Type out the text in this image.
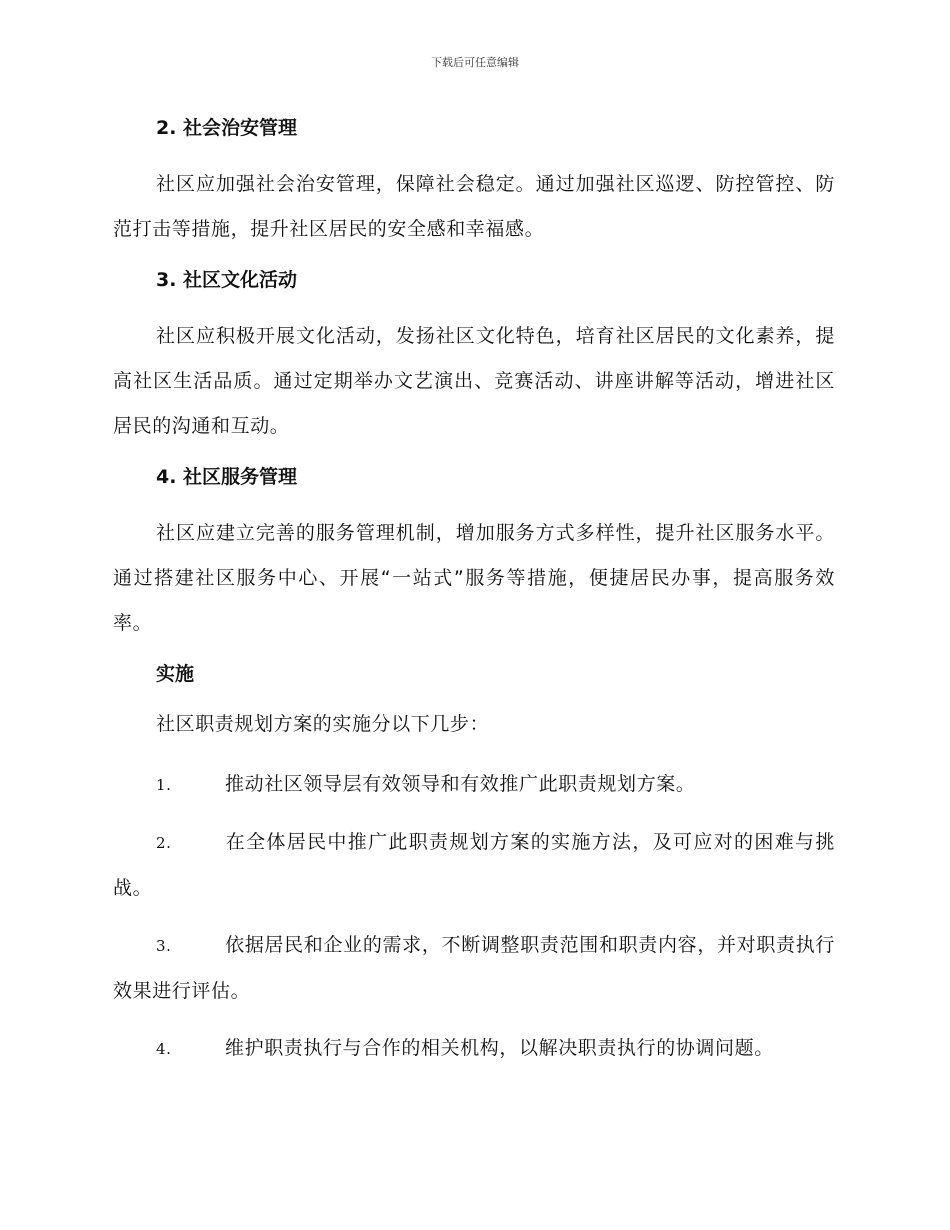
下载后可任意编辑
2. 社会治安管理

社区应加强社会治安管理，保障社会稳定。通过加强社区巡逻、防控管控、防范打击等措施，提升社区居民的安全感和幸福感。

3. 社区文化活动

社区应积极开展文化活动，发扬社区文化特色，培育社区居民的文化素养，提高社区生活品质。通过定期举办文艺演出、竞赛活动、讲座讲解等活动，增进社区居民的沟通和互动。

4. 社区服务管理

社区应建立完善的服务管理机制，增加服务方式多样性，提升社区服务水平。通过搭建社区服务中心、开展“一站式”服务等措施，便捷居民办事，提高服务效率。

实施
社区职责规划方案的实施分以下几步：

1.	推动社区领导层有效领导和有效推广此职责规划方案。

2.	在全体居民中推广此职责规划方案的实施方法，及可应对的困难与挑战。

3.	依据居民和企业的需求，不断调整职责范围和职责内容，并对职责执行效果进行评估。

4.	维护职责执行与合作的相关机构，以解决职责执行的协调问题。
